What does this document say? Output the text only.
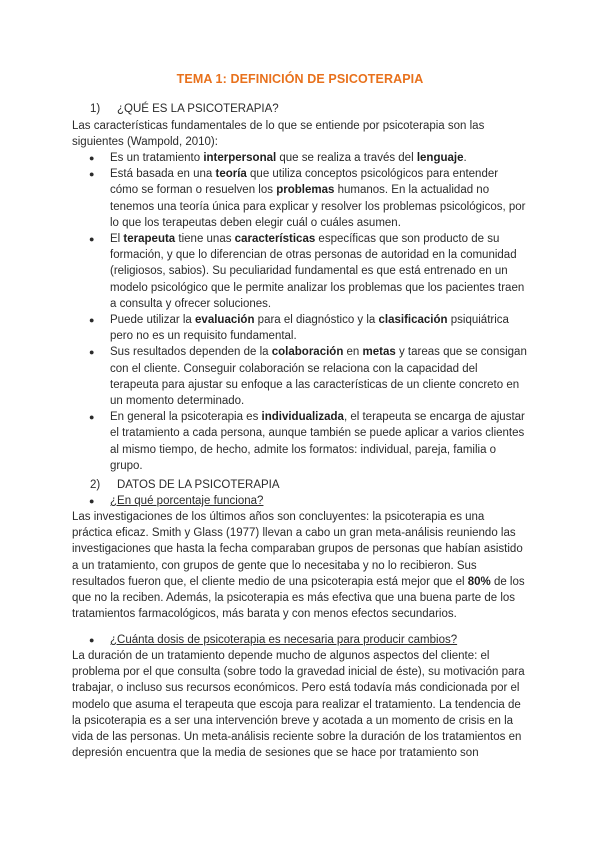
TEMA 1: DEFINICIÓN DE PSICOTERAPIA
1) ¿QUÉ ES LA PSICOTERAPIA?

Las características fundamentales de lo que se entiende por psicoterapia son las siguientes (Wampold, 2010):

● Es un tratamiento interpersonal que se realiza a través del lenguaje.
● Está basada en una teoría que utiliza conceptos psicológicos para entender cómo se forman o resuelven los problemas humanos. En la actualidad no tenemos una teoría única para explicar y resolver los problemas psicológicos, por lo que los terapeutas deben elegir cuál o cuáles asumen.
● El terapeuta tiene unas características específicas que son producto de su formación, y que lo diferencian de otras personas de autoridad en la comunidad (religiosos, sabios). Su peculiaridad fundamental es que está entrenado en un modelo psicológico que le permite analizar los problemas que los pacientes traen a consulta y ofrecer soluciones.
● Puede utilizar la evaluación para el diagnóstico y la clasificación psiquiátrica pero no es un requisito fundamental.
● Sus resultados dependen de la colaboración en metas y tareas que se consigan con el cliente. Conseguir colaboración se relaciona con la capacidad del terapeuta para ajustar su enfoque a las características de un cliente concreto en un momento determinado.
● En general la psicoterapia es individualizada, el terapeuta se encarga de ajustar el tratamiento a cada persona, aunque también se puede aplicar a varios clientes al mismo tiempo, de hecho, admite los formatos: individual, pareja, familia o grupo.
2) DATOS DE LA PSICOTERAPIA

● ¿En qué porcentaje funciona?

Las investigaciones de los últimos años son concluyentes: la psicoterapia es una práctica eficaz. Smith y Glass (1977) llevan a cabo un gran meta-análisis reuniendo las investigaciones que hasta la fecha comparaban grupos de personas que habían asistido a un tratamiento, con grupos de gente que lo necesitaba y no lo recibieron. Sus resultados fueron que, el cliente medio de una psicoterapia está mejor que el 80% de los que no la reciben. Además, la psicoterapia es más efectiva que una buena parte de los tratamientos farmacológicos, más barata y con menos efectos secundarios.

● ¿Cuánta dosis de psicoterapia es necesaria para producir cambios?

La duración de un tratamiento depende mucho de algunos aspectos del cliente: el problema por el que consulta (sobre todo la gravedad inicial de éste), su motivación para trabajar, o incluso sus recursos económicos. Pero está todavía más condicionada por el modelo que asuma el terapeuta que escoja para realizar el tratamiento. La tendencia de la psicoterapia es a ser una intervención breve y acotada a un momento de crisis en la vida de las personas. Un meta-análisis reciente sobre la duración de los tratamientos en depresión encuentra que la media de sesiones que se hace por tratamiento son
